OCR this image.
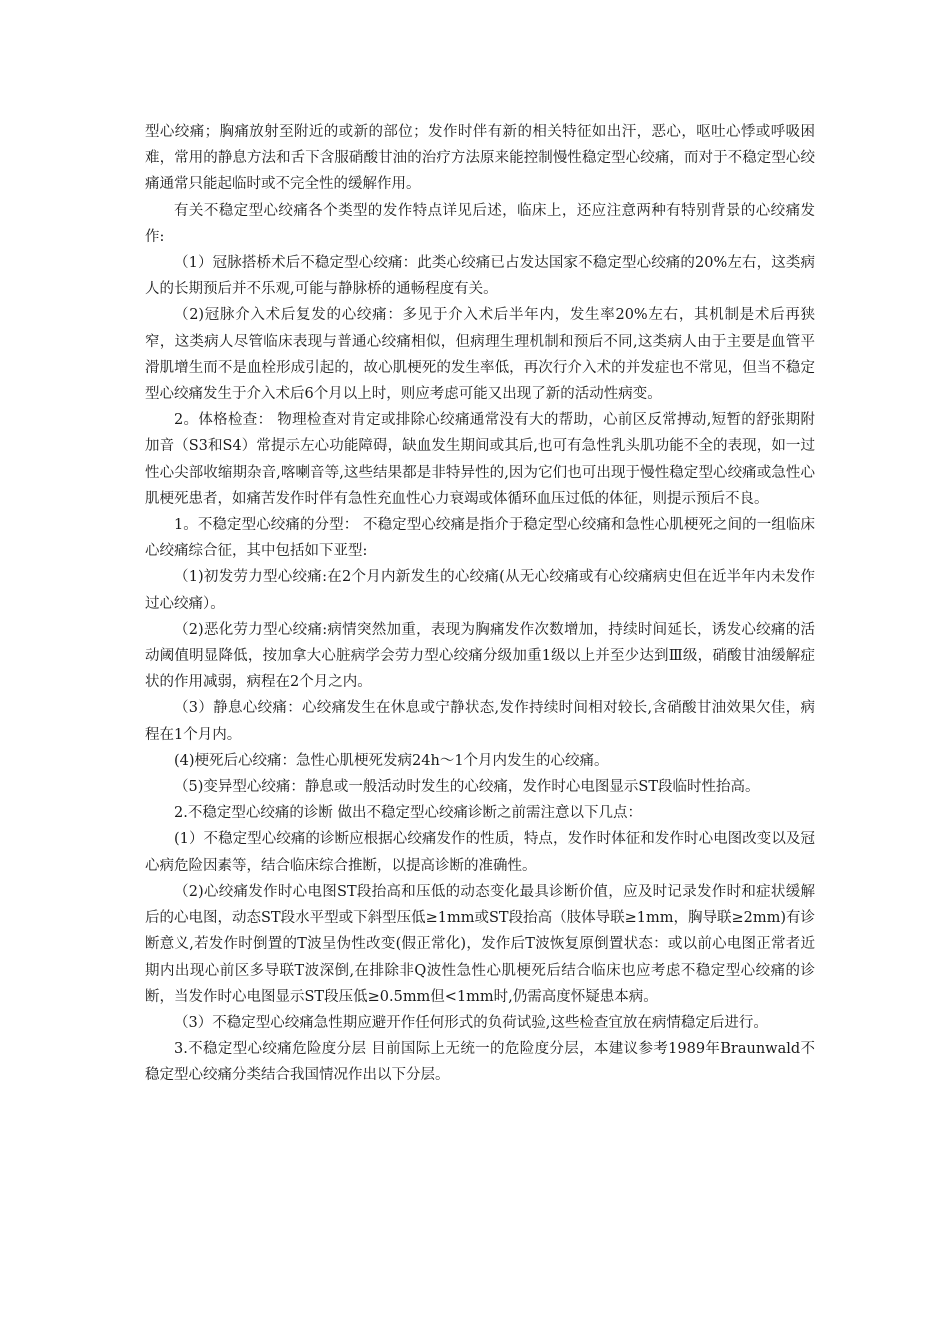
型心绞痛；胸痛放射至附近的或新的部位；发作时伴有新的相关特征如出汗，恶心，呕吐心悸或呼吸困难，常用的静息方法和舌下含服硝酸甘油的治疗方法原来能控制慢性稳定型心绞痛，而对于不稳定型心绞痛通常只能起临时或不完全性的缓解作用。

有关不稳定型心绞痛各个类型的发作特点详见后述，临床上，还应注意两种有特别背景的心绞痛发作:

（1）冠脉搭桥术后不稳定型心绞痛：此类心绞痛已占发达国家不稳定型心绞痛的20%左右，这类病人的长期预后并不乐观,可能与静脉桥的通畅程度有关。

（2)冠脉介入术后复发的心绞痛：多见于介入术后半年内，发生率20%左右，其机制是术后再狭窄，这类病人尽管临床表现与普通心绞痛相似，但病理生理机制和预后不同,这类病人由于主要是血管平滑肌增生而不是血栓形成引起的，故心肌梗死的发生率低，再次行介入术的并发症也不常见，但当不稳定型心绞痛发生于介入术后6个月以上时，则应考虑可能又出现了新的活动性病变。

2。体格检查： 物理检查对肯定或排除心绞痛通常没有大的帮助，心前区反常搏动,短暂的舒张期附加音（S3和S4）常提示左心功能障碍，缺血发生期间或其后,也可有急性乳头肌功能不全的表现，如一过性心尖部收缩期杂音,喀喇音等,这些结果都是非特异性的,因为它们也可出现于慢性稳定型心绞痛或急性心肌梗死患者，如痛苦发作时伴有急性充血性心力衰竭或体循环血压过低的体征，则提示预后不良。

1。不稳定型心绞痛的分型： 不稳定型心绞痛是指介于稳定型心绞痛和急性心肌梗死之间的一组临床心绞痛综合征，其中包括如下亚型:

（1)初发劳力型心绞痛:在2个月内新发生的心绞痛(从无心绞痛或有心绞痛病史但在近半年内未发作过心绞痛）。

（2)恶化劳力型心绞痛:病情突然加重，表现为胸痛发作次数增加，持续时间延长，诱发心绞痛的活动阈值明显降低，按加拿大心脏病学会劳力型心绞痛分级加重1级以上并至少达到Ⅲ级，硝酸甘油缓解症状的作用减弱，病程在2个月之内。

（3）静息心绞痛：心绞痛发生在休息或宁静状态,发作持续时间相对较长,含硝酸甘油效果欠佳，病程在1个月内。

(4)梗死后心绞痛：急性心肌梗死发病24h～1个月内发生的心绞痛。

（5)变异型心绞痛：静息或一般活动时发生的心绞痛，发作时心电图显示ST段临时性抬高。

2.不稳定型心绞痛的诊断 做出不稳定型心绞痛诊断之前需注意以下几点：

(1）不稳定型心绞痛的诊断应根据心绞痛发作的性质，特点，发作时体征和发作时心电图改变以及冠心病危险因素等，结合临床综合推断，以提高诊断的准确性。

（2)心绞痛发作时心电图ST段抬高和压低的动态变化最具诊断价值，应及时记录发作时和症状缓解后的心电图，动态ST段水平型或下斜型压低≥1mm或ST段抬高（肢体导联≥1mm，胸导联≥2mm)有诊断意义,若发作时倒置的T波呈伪性改变(假正常化)，发作后T波恢复原倒置状态：或以前心电图正常者近期内出现心前区多导联T波深倒,在排除非Q波性急性心肌梗死后结合临床也应考虑不稳定型心绞痛的诊断，当发作时心电图显示ST段压低≥0.5mm但<1mm时,仍需高度怀疑患本病。

（3）不稳定型心绞痛急性期应避开作任何形式的负荷试验,这些检查宜放在病情稳定后进行。

3.不稳定型心绞痛危险度分层 目前国际上无统一的危险度分层，本建议参考1989年Braunwald不稳定型心绞痛分类结合我国情况作出以下分层。
